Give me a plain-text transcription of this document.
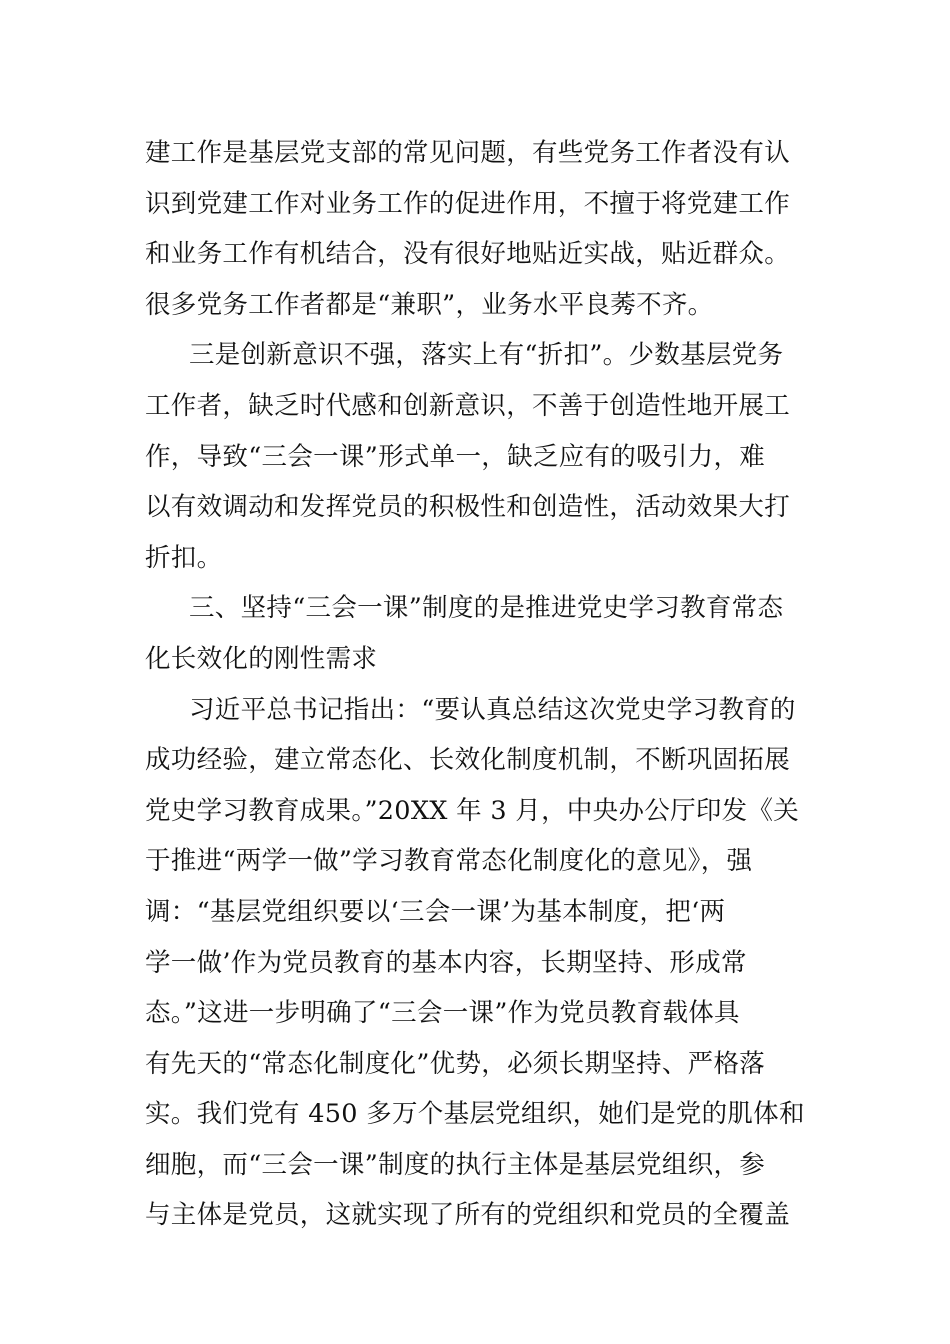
建工作是基层党支部的常见问题，有些党务工作者没有认
识到党建工作对业务工作的促进作用，不擅于将党建工作
和业务工作有机结合，没有很好地贴近实战，贴近群众。
很多党务工作者都是“兼职”，业务水平良莠不齐。
三是创新意识不强，落实上有“折扣”。少数基层党务
工作者，缺乏时代感和创新意识，不善于创造性地开展工
作，导致“三会一课”形式单一，缺乏应有的吸引力，难
以有效调动和发挥党员的积极性和创造性，活动效果大打
折扣。
三、坚持“三会一课”制度的是推进党史学习教育常态
化长效化的刚性需求
习近平总书记指出：“要认真总结这次党史学习教育的
成功经验，建立常态化、长效化制度机制，不断巩固拓展
党史学习教育成果。”20XX 年 3 月，中央办公厅印发《关
于推进“两学一做”学习教育常态化制度化的意见》，强
调：“基层党组织要以‘三会一课’为基本制度，把‘两
学一做’作为党员教育的基本内容，长期坚持、形成常
态。”这进一步明确了“三会一课”作为党员教育载体具
有先天的“常态化制度化”优势，必须长期坚持、严格落
实。我们党有 450 多万个基层党组织，她们是党的肌体和
细胞，而“三会一课”制度的执行主体是基层党组织，参
与主体是党员，这就实现了所有的党组织和党员的全覆盖
